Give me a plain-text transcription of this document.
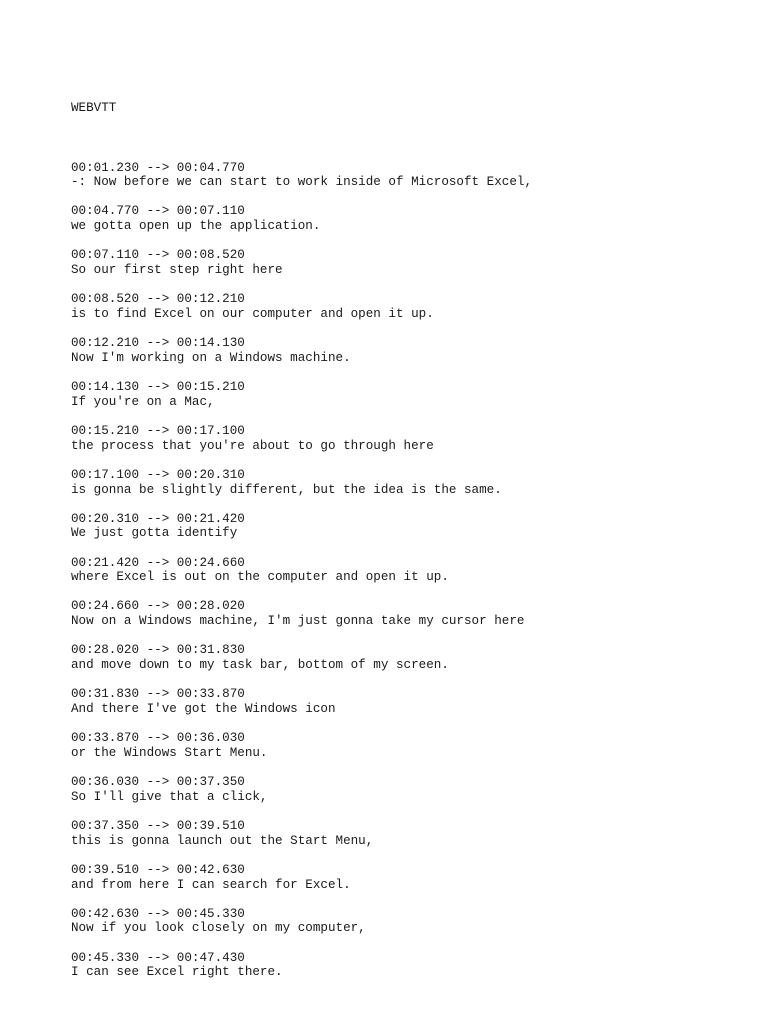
WEBVTT

00:01.230 --> 00:04.770
-: Now before we can start to work inside of Microsoft Excel,
00:04.770 --> 00:07.110
we gotta open up the application.
00:07.110 --> 00:08.520
So our first step right here
00:08.520 --> 00:12.210
is to find Excel on our computer and open it up.
00:12.210 --> 00:14.130
Now I'm working on a Windows machine.
00:14.130 --> 00:15.210
If you're on a Mac,
00:15.210 --> 00:17.100
the process that you're about to go through here
00:17.100 --> 00:20.310
is gonna be slightly different, but the idea is the same.
00:20.310 --> 00:21.420
We just gotta identify
00:21.420 --> 00:24.660
where Excel is out on the computer and open it up.
00:24.660 --> 00:28.020
Now on a Windows machine, I'm just gonna take my cursor here
00:28.020 --> 00:31.830
and move down to my task bar, bottom of my screen.
00:31.830 --> 00:33.870
And there I've got the Windows icon
00:33.870 --> 00:36.030
or the Windows Start Menu.
00:36.030 --> 00:37.350
So I'll give that a click,
00:37.350 --> 00:39.510
this is gonna launch out the Start Menu,
00:39.510 --> 00:42.630
and from here I can search for Excel.
00:42.630 --> 00:45.330
Now if you look closely on my computer,
00:45.330 --> 00:47.430
I can see Excel right there.
